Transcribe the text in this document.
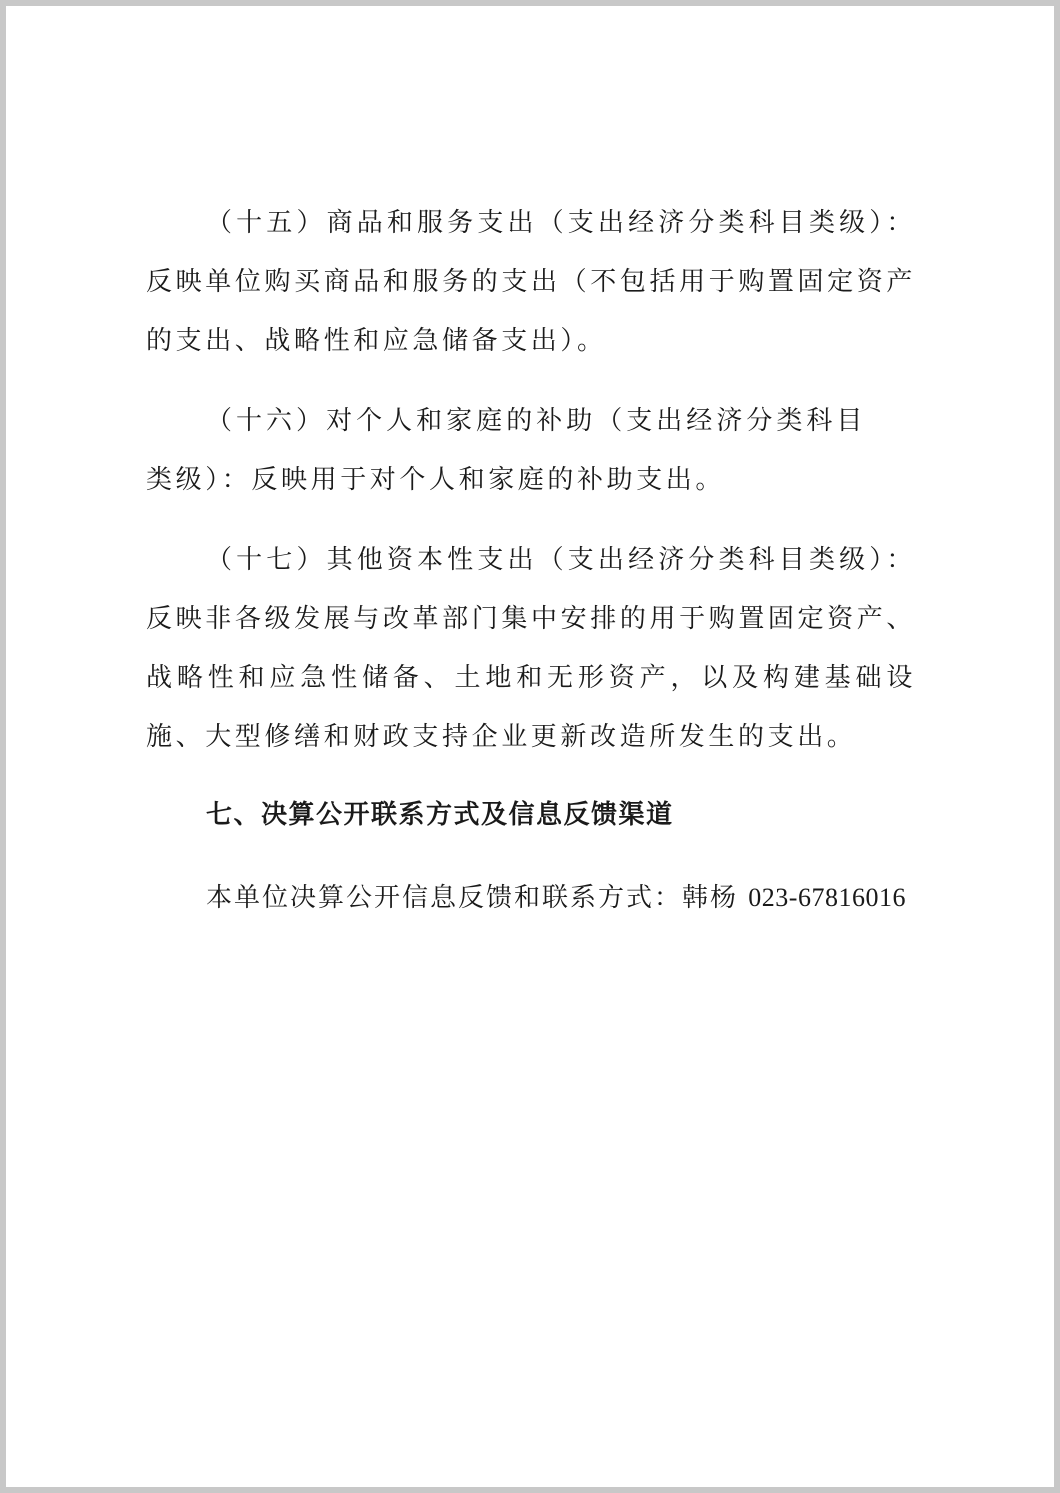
（十五）商品和服务支出（支出经济分类科目类级）：反映单位购买商品和服务的支出（不包括用于购置固定资产的支出、战略性和应急储备支出）。

（十六）对个人和家庭的补助（支出经济分类科目类级）：反映用于对个人和家庭的补助支出。

（十七）其他资本性支出（支出经济分类科目类级）：反映非各级发展与改革部门集中安排的用于购置固定资产、战略性和应急性储备、土地和无形资产，以及构建基础设施、大型修缮和财政支持企业更新改造所发生的支出。

七、决算公开联系方式及信息反馈渠道

本单位决算公开信息反馈和联系方式：韩杨 023-67816016
